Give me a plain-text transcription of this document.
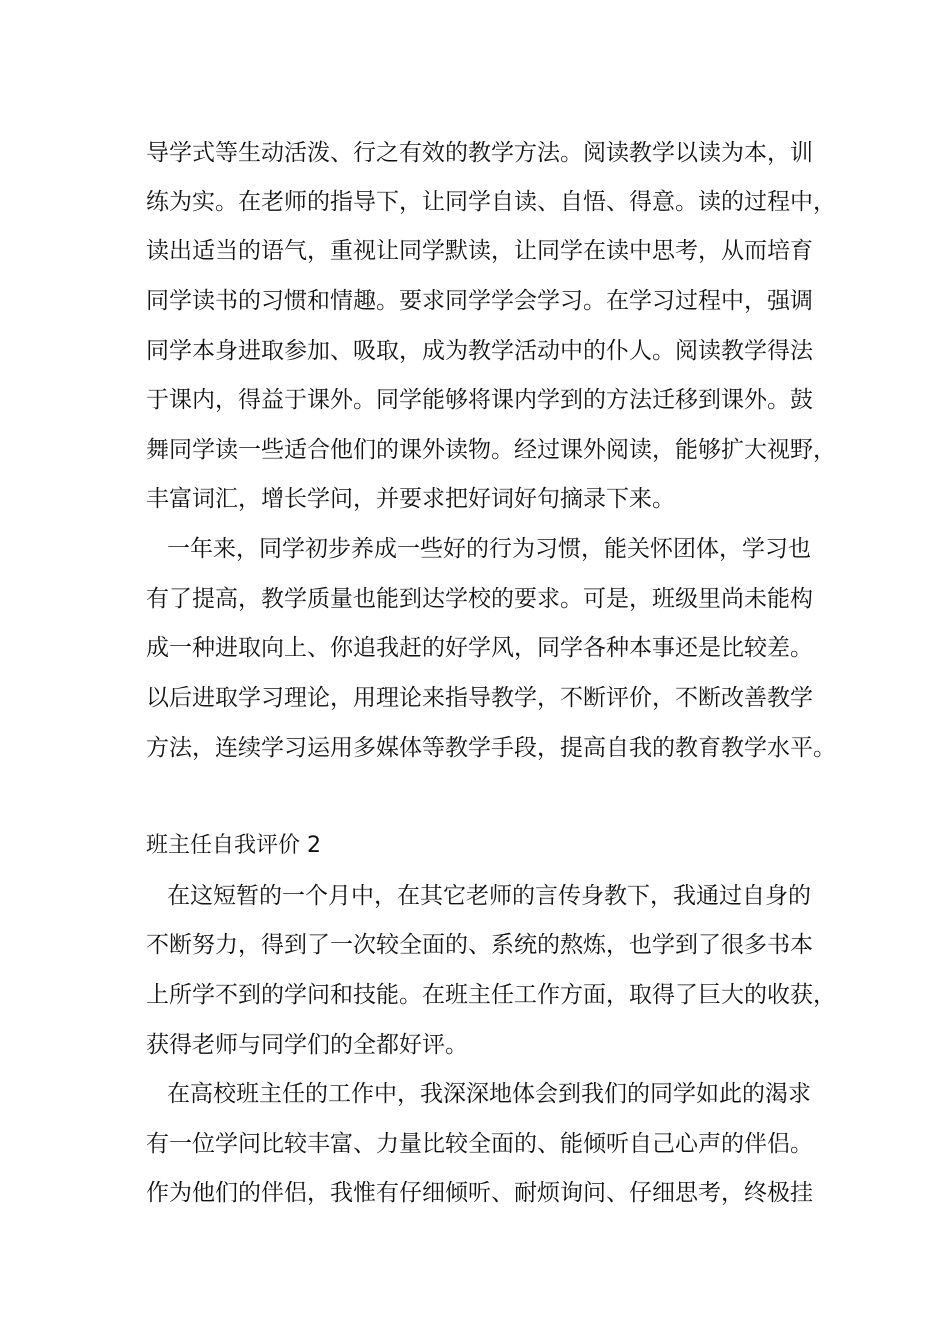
导学式等生动活泼、行之有效的教学方法。阅读教学以读为本，训
练为实。在老师的指导下，让同学自读、自悟、得意。读的过程中，
读出适当的语气，重视让同学默读，让同学在读中思考，从而培育
同学读书的习惯和情趣。要求同学学会学习。在学习过程中，强调
同学本身进取参加、吸取，成为教学活动中的仆人。阅读教学得法
于课内，得益于课外。同学能够将课内学到的方法迁移到课外。鼓
舞同学读一些适合他们的课外读物。经过课外阅读，能够扩大视野，
丰富词汇，增长学问，并要求把好词好句摘录下来。
一年来，同学初步养成一些好的行为习惯，能关怀团体，学习也
有了提高，教学质量也能到达学校的要求。可是，班级里尚未能构
成一种进取向上、你追我赶的好学风，同学各种本事还是比较差。
以后进取学习理论，用理论来指导教学，不断评价，不断改善教学
方法，连续学习运用多媒体等教学手段，提高自我的教育教学水平。
班主任自我评价 2
在这短暂的一个月中，在其它老师的言传身教下，我通过自身的
不断努力，得到了一次较全面的、系统的熬炼，也学到了很多书本
上所学不到的学问和技能。在班主任工作方面，取得了巨大的收获，
获得老师与同学们的全都好评。
在高校班主任的工作中，我深深地体会到我们的同学如此的渴求
有一位学问比较丰富、力量比较全面的、能倾听自己心声的伴侣。
作为他们的伴侣，我惟有仔细倾听、耐烦询问、仔细思考，终极挂
